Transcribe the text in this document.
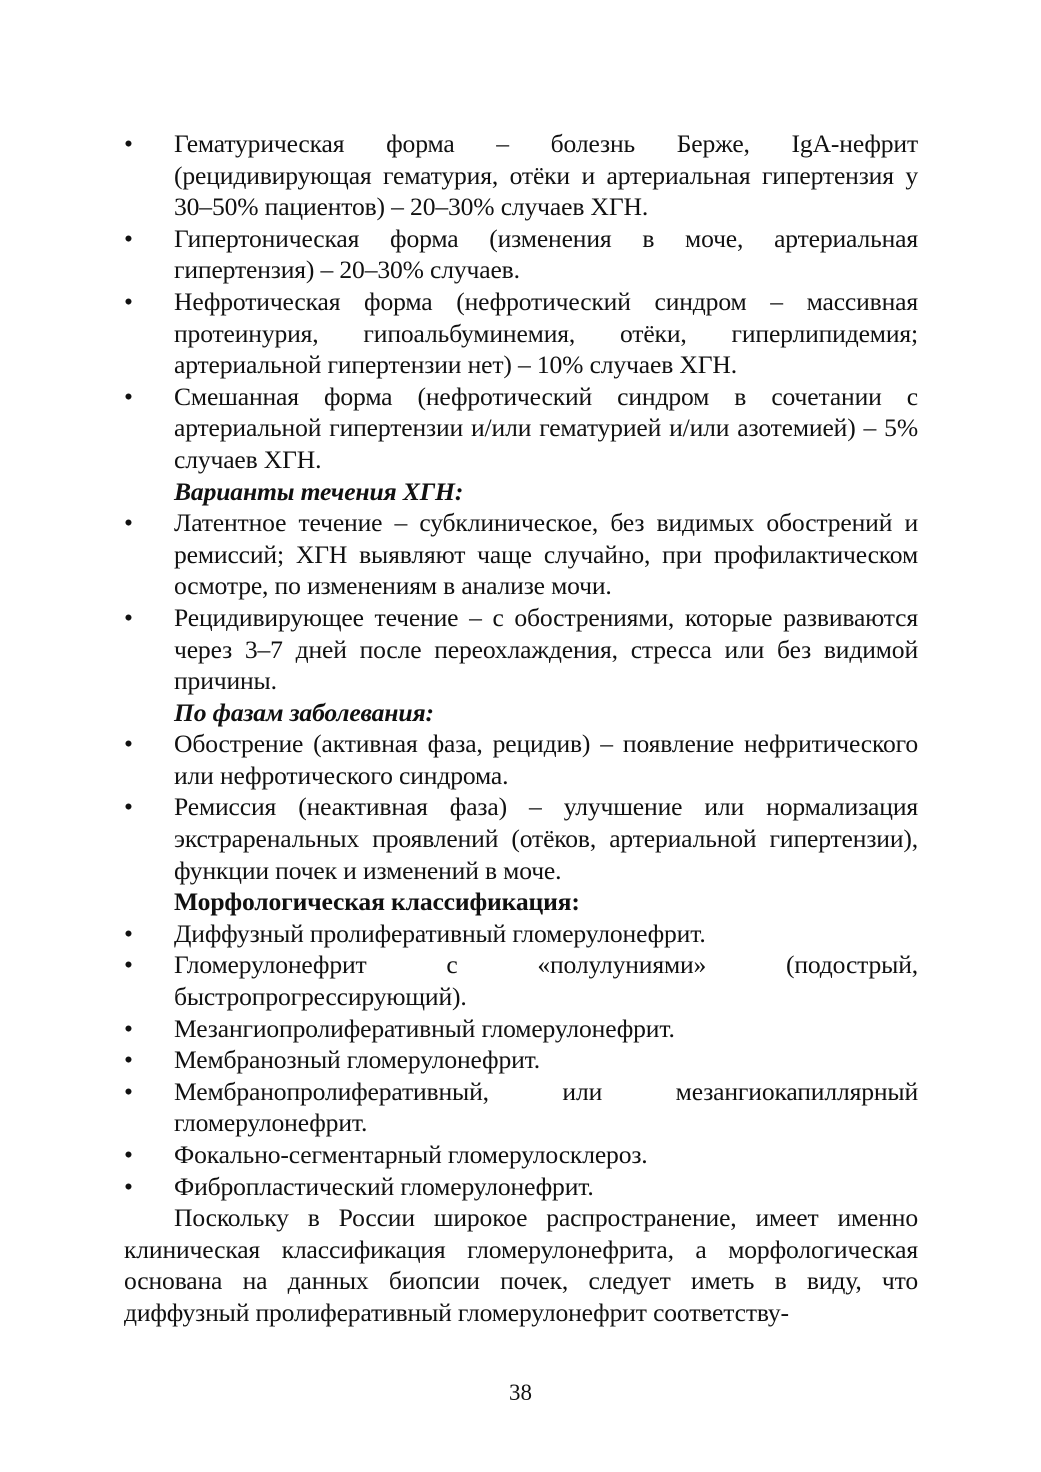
• Гематурическая форма – болезнь Берже, IgA-нефрит (рецидивирующая гематурия, отёки и артериальная гипертензия у 30–50% пациентов) – 20–30% случаев ХГН.
• Гипертоническая форма (изменения в моче, артериальная гипертензия) – 20–30% случаев.
• Нефротическая форма (нефротический синдром – массивная протеинурия, гипоальбуминемия, отёки, гиперлипидемия; артериальной гипертензии нет) – 10% случаев ХГН.
• Смешанная форма (нефротический синдром в сочетании с артериальной гипертензии и/или гематурией и/или азотемией) – 5% случаев ХГН.
Варианты течения ХГН:
• Латентное течение – субклиническое, без видимых обострений и ремиссий; ХГН выявляют чаще случайно, при профилактическом осмотре, по изменениям в анализе мочи.
• Рецидивирующее течение – с обострениями, которые развиваются через 3–7 дней после переохлаждения, стресса или без видимой причины.
По фазам заболевания:
• Обострение (активная фаза, рецидив) – появление нефритического или нефротического синдрома.
• Ремиссия (неактивная фаза) – улучшение или нормализация экстраренальных проявлений (отёков, артериальной гипертензии), функции почек и изменений в моче.
Морфологическая классификация:
• Диффузный пролиферативный гломерулонефрит.
• Гломерулонефрит с «полулуниями» (подострый, быстропрогрессирующий).
• Мезангиопролиферативный гломерулонефрит.
• Мембранозный гломерулонефрит.
• Мембранопролиферативный, или мезангиокапиллярный гломерулонефрит.
• Фокально-сегментарный гломерулосклероз.
• Фибропластический гломерулонефрит.
Поскольку в России широкое распространение, имеет именно клиническая классификация гломерулонефрита, а морфологическая основана на данных биопсии почек, следует иметь в виду, что диффузный пролиферативный гломерулонефрит соответству-
38
